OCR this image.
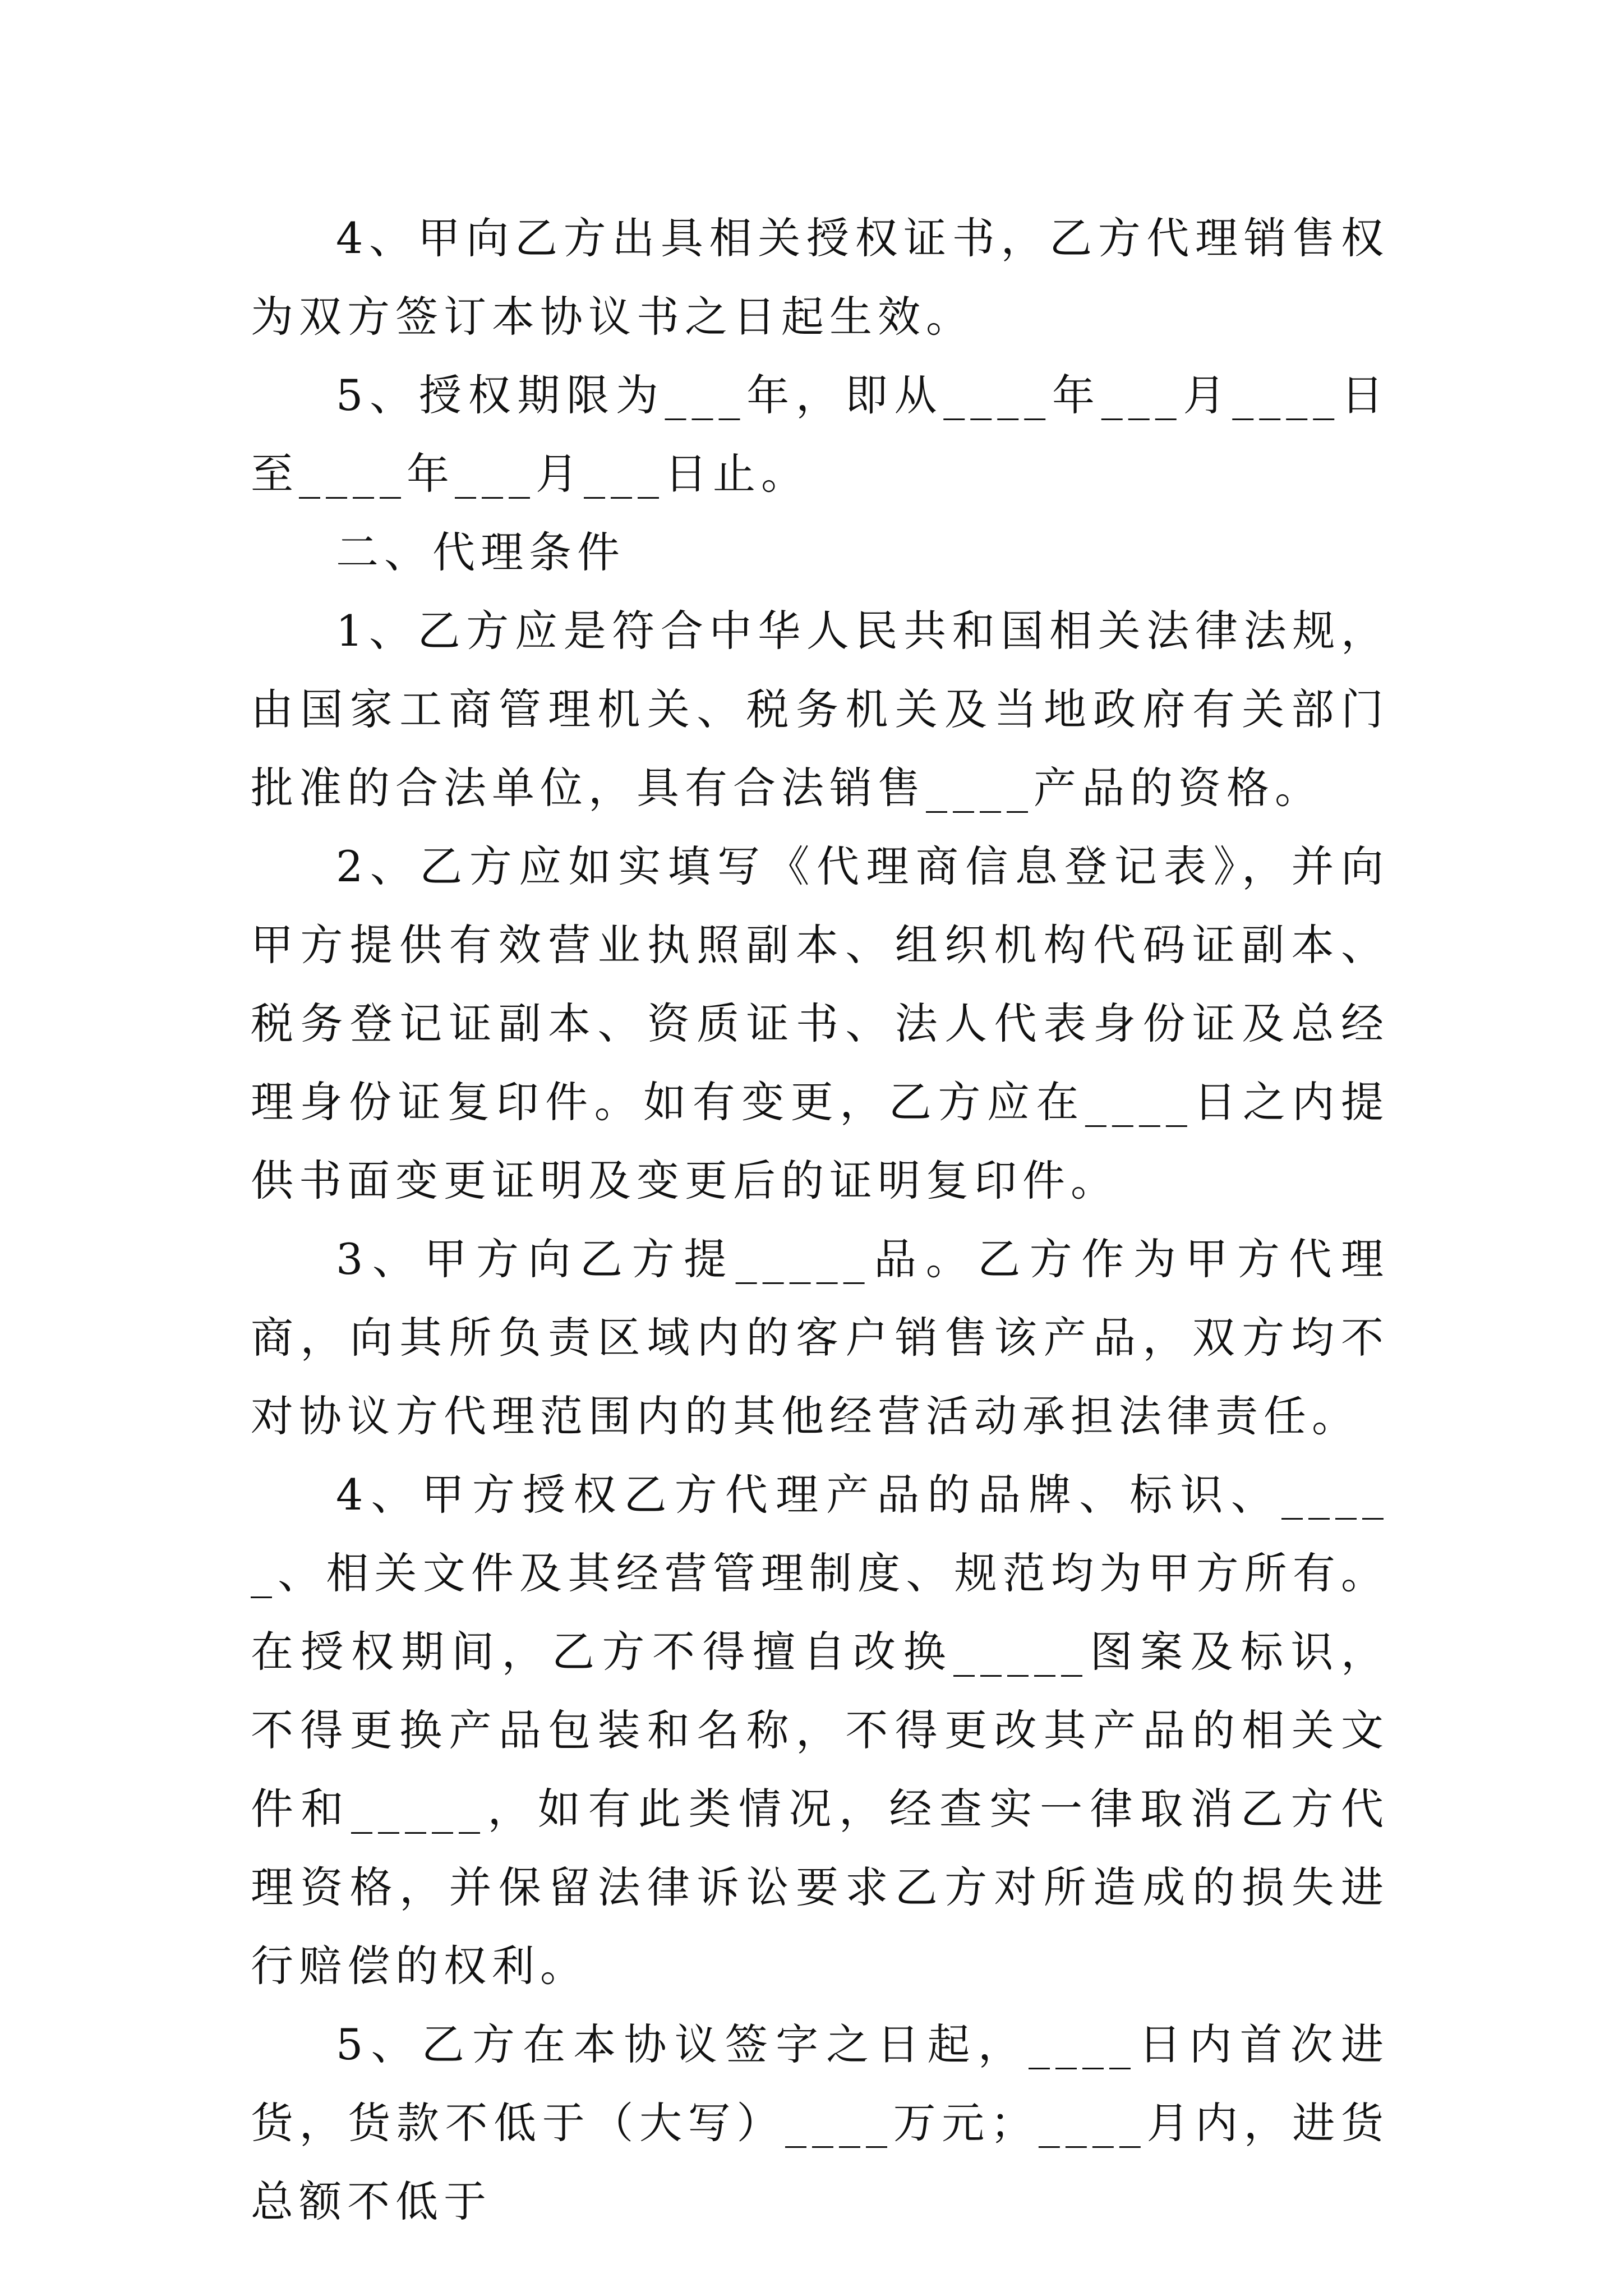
4、甲向乙方出具相关授权证书，乙方代理销售权为双方签订本协议书之日起生效。

5、授权期限为___年，即从____年___月____日至____年___月___日止。

二、代理条件

1、乙方应是符合中华人民共和国相关法律法规，由国家工商管理机关、税务机关及当地政府有关部门批准的合法单位，具有合法销售____产品的资格。

2、乙方应如实填写《代理商信息登记表》，并向甲方提供有效营业执照副本、组织机构代码证副本、税务登记证副本、资质证书、法人代表身份证及总经理身份证复印件。如有变更，乙方应在____日之内提供书面变更证明及变更后的证明复印件。

3、甲方向乙方提_____品。乙方作为甲方代理商，向其所负责区域内的客户销售该产品，双方均不对协议方代理范围内的其他经营活动承担法律责任。

4、甲方授权乙方代理产品的品牌、标识、_____、相关文件及其经营管理制度、规范均为甲方所有。在授权期间，乙方不得擅自改换_____图案及标识，不得更换产品包装和名称，不得更改其产品的相关文件和_____，如有此类情况，经查实一律取消乙方代理资格，并保留法律诉讼要求乙方对所造成的损失进行赔偿的权利。

5、乙方在本协议签字之日起，____日内首次进货，货款不低于（大写）____万元；____月内，进货总额不低于
